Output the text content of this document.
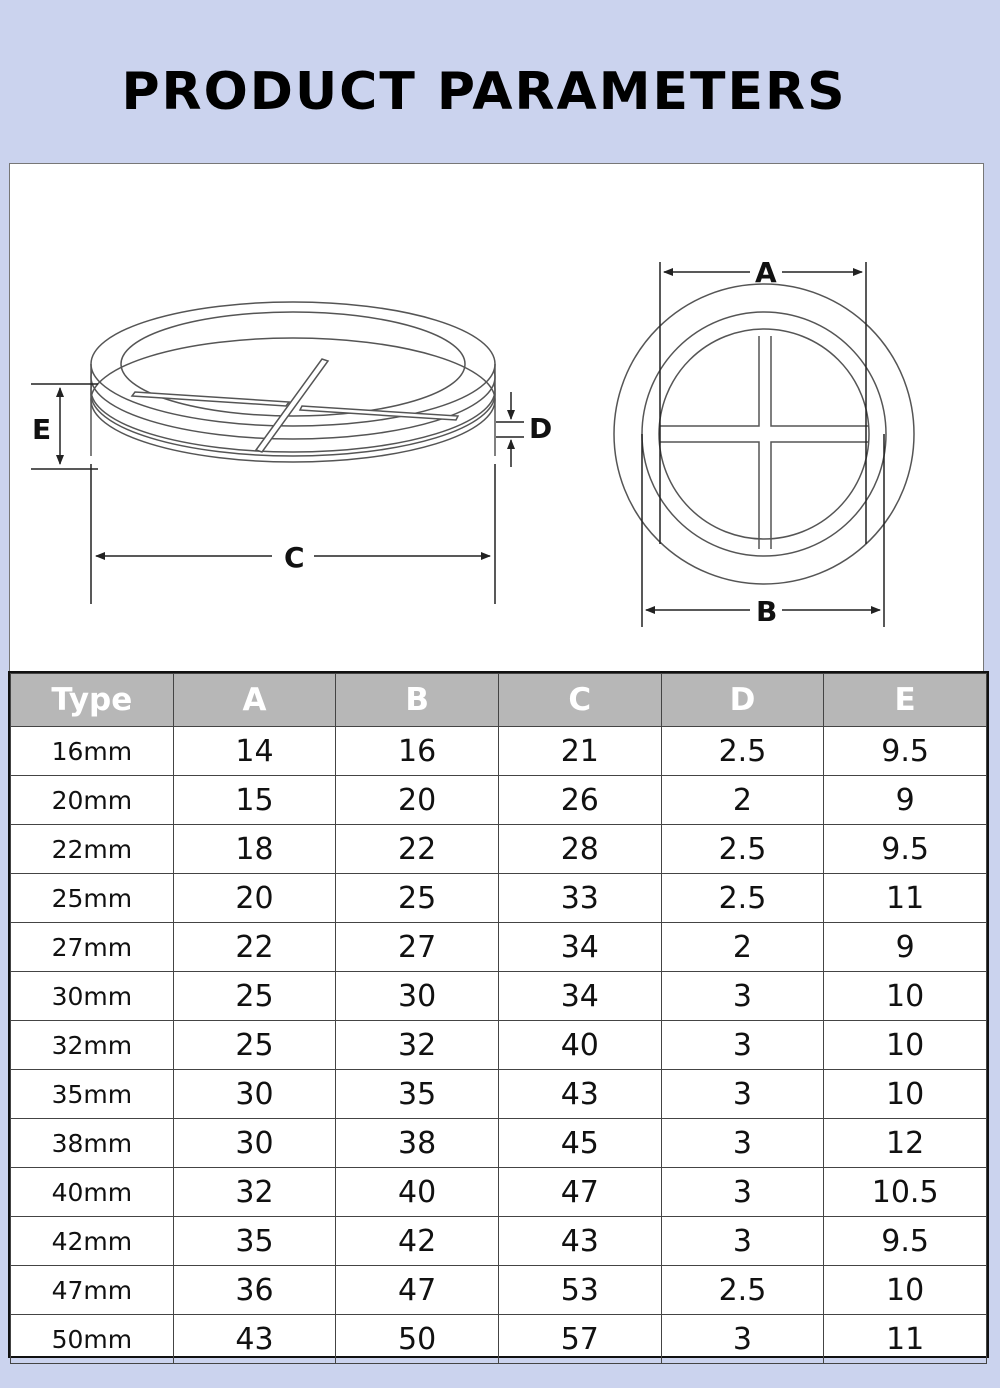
PRODUCT PARAMETERS
E
C
D
A
B
Type	A	B	C	D	E
16mm	14	16	21	2.5	9.5
20mm	15	20	26	2	9
22mm	18	22	28	2.5	9.5
25mm	20	25	33	2.5	11
27mm	22	27	34	2	9
30mm	25	30	34	3	10
32mm	25	32	40	3	10
35mm	30	35	43	3	10
38mm	30	38	45	3	12
40mm	32	40	47	3	10.5
42mm	35	42	43	3	9.5
47mm	36	47	53	2.5	10
50mm	43	50	57	3	11
